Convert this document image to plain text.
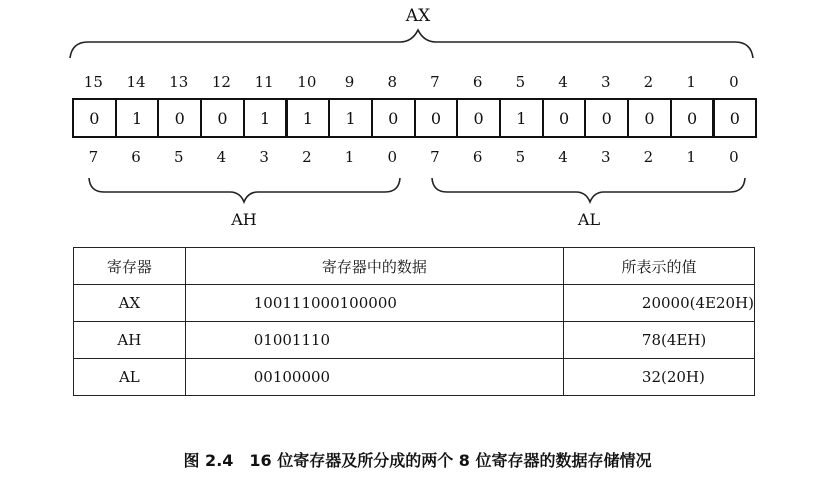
AX
15 14 13 12 11 10 9 8 7 6 5 4 3 2 1 0
0	1	0	0	1	1	1	0	0	0	1	0	0	0	0	0
7 6 5 4 3 2 1 0 7 6 5 4 3 2 1 0
AH	AL
寄存器	寄存器中的数据	所表示的值
AX	100111000100000	20000(4E20H)
AH	01001110	78(4EH)
AL	00100000	32(20H)
图 2.4　16 位寄存器及所分成的两个 8 位寄存器的数据存储情况
